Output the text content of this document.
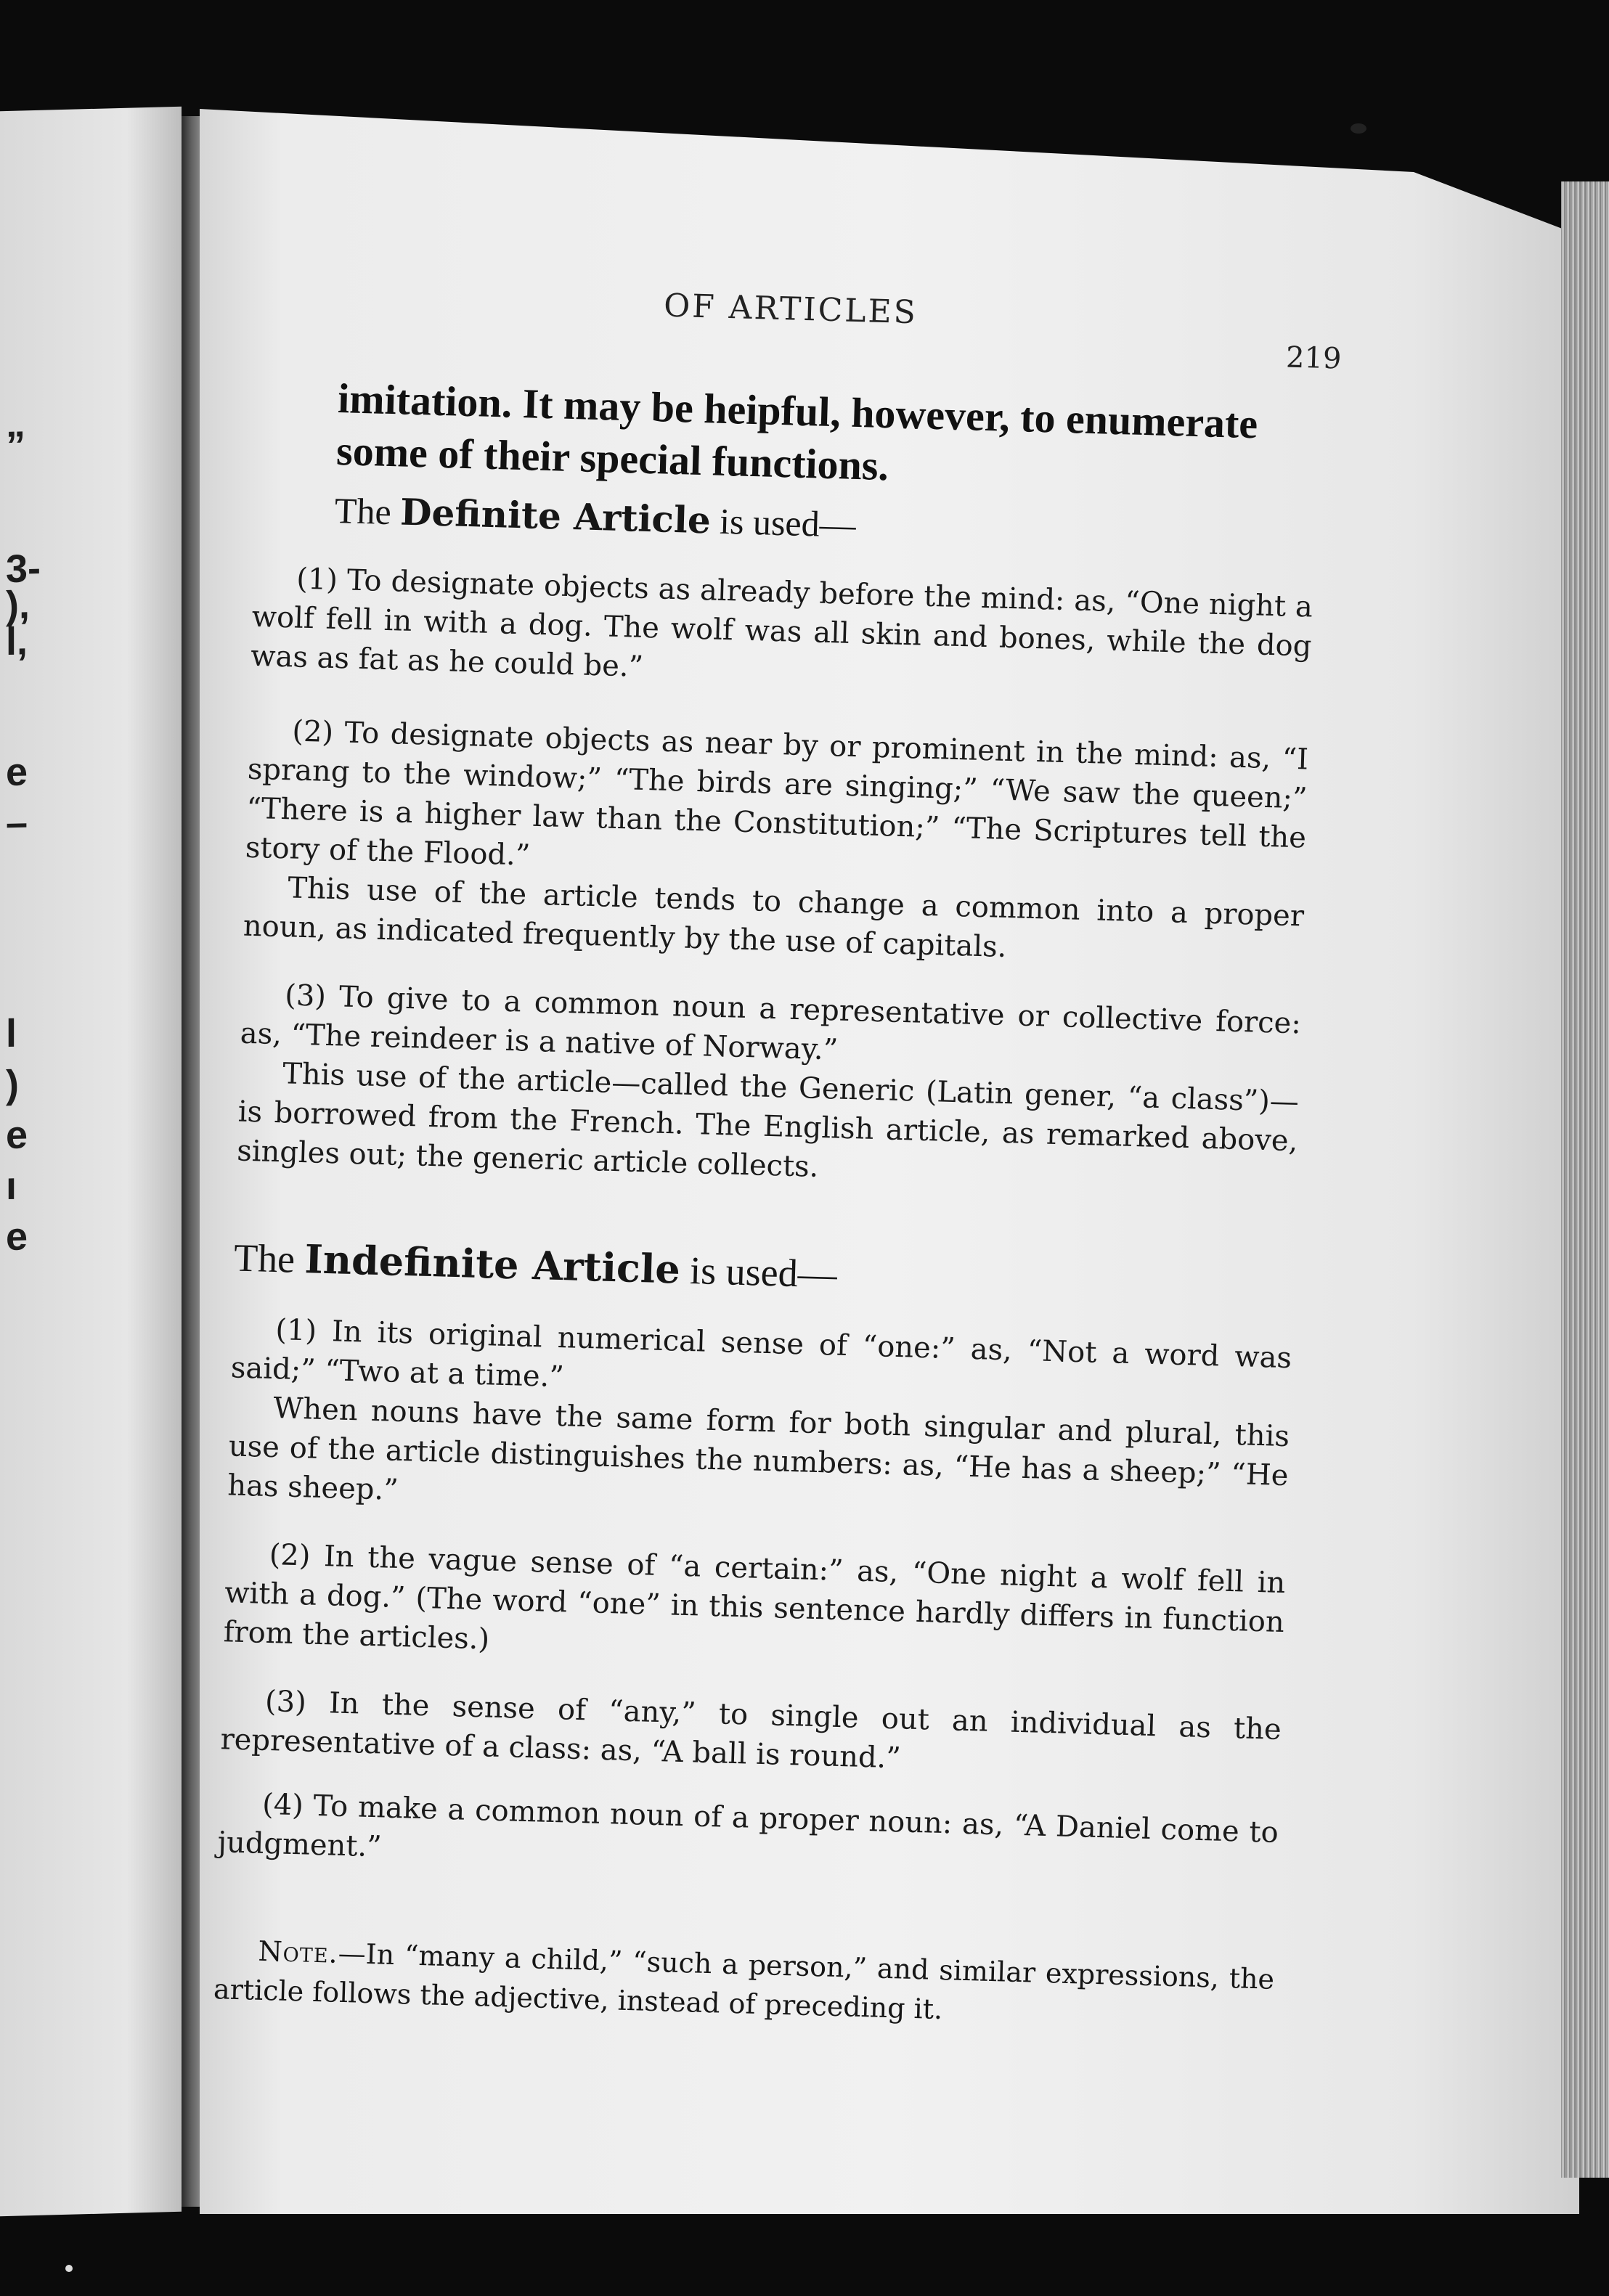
”
3-
),
l,
e
–
l
)
e
ı
e
OF ARTICLES
219

imitation. It may be heipful, however, to enumerate some of their special functions.

The Definite Article is used—

(1) To designate objects as already before the mind: as, “One night a wolf fell in with a dog. The wolf was all skin and bones, while the dog was as fat as he could be.”

(2) To designate objects as near by or prominent in the mind: as, “I sprang to the window;” “The birds are singing;” “We saw the queen;” “There is a higher law than the Constitution;” “The Scriptures tell the story of the Flood.”

This use of the article tends to change a common into a proper noun, as indicated frequently by the use of capitals.

(3) To give to a common noun a representative or collective force: as, “The reindeer is a native of Norway.”

This use of the article—called the Generic (Latin gener, “a class”)—is borrowed from the French. The English article, as remarked above, singles out; the generic article collects.

The Indefinite Article is used—

(1) In its original numerical sense of “one:” as, “Not a word was said;” “Two at a time.”

When nouns have the same form for both singular and plural, this use of the article distinguishes the numbers: as, “He has a sheep;” “He has sheep.”

(2) In the vague sense of “a certain:” as, “One night a wolf fell in with a dog.” (The word “one” in this sentence hardly differs in function from the articles.)

(3) In the sense of “any,” to single out an individual as the representative of a class: as, “A ball is round.”

(4) To make a common noun of a proper noun: as, “A Daniel come to judgment.”

Note.—In “many a child,” “such a person,” and similar expressions, the article follows the adjective, instead of preceding it.
